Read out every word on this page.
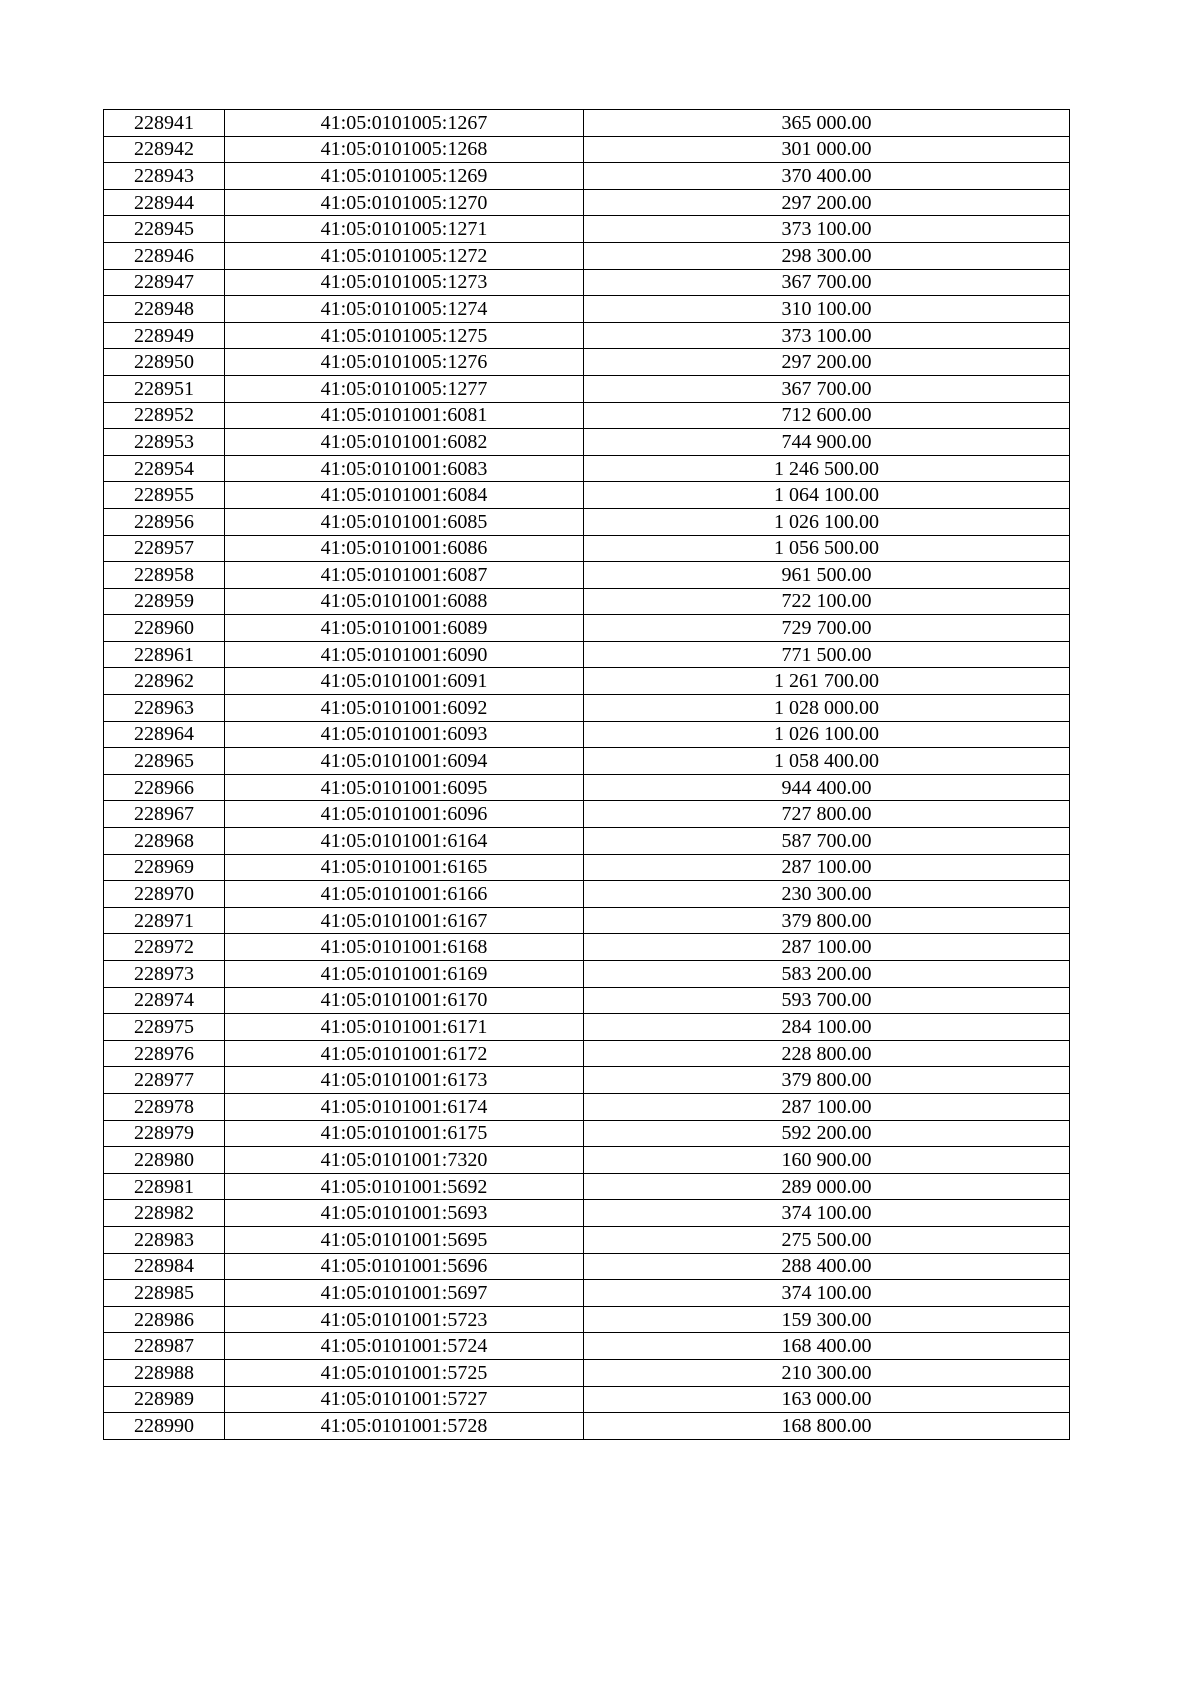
228941	41:05:0101005:1267	365 000.00
228942	41:05:0101005:1268	301 000.00
228943	41:05:0101005:1269	370 400.00
228944	41:05:0101005:1270	297 200.00
228945	41:05:0101005:1271	373 100.00
228946	41:05:0101005:1272	298 300.00
228947	41:05:0101005:1273	367 700.00
228948	41:05:0101005:1274	310 100.00
228949	41:05:0101005:1275	373 100.00
228950	41:05:0101005:1276	297 200.00
228951	41:05:0101005:1277	367 700.00
228952	41:05:0101001:6081	712 600.00
228953	41:05:0101001:6082	744 900.00
228954	41:05:0101001:6083	1 246 500.00
228955	41:05:0101001:6084	1 064 100.00
228956	41:05:0101001:6085	1 026 100.00
228957	41:05:0101001:6086	1 056 500.00
228958	41:05:0101001:6087	961 500.00
228959	41:05:0101001:6088	722 100.00
228960	41:05:0101001:6089	729 700.00
228961	41:05:0101001:6090	771 500.00
228962	41:05:0101001:6091	1 261 700.00
228963	41:05:0101001:6092	1 028 000.00
228964	41:05:0101001:6093	1 026 100.00
228965	41:05:0101001:6094	1 058 400.00
228966	41:05:0101001:6095	944 400.00
228967	41:05:0101001:6096	727 800.00
228968	41:05:0101001:6164	587 700.00
228969	41:05:0101001:6165	287 100.00
228970	41:05:0101001:6166	230 300.00
228971	41:05:0101001:6167	379 800.00
228972	41:05:0101001:6168	287 100.00
228973	41:05:0101001:6169	583 200.00
228974	41:05:0101001:6170	593 700.00
228975	41:05:0101001:6171	284 100.00
228976	41:05:0101001:6172	228 800.00
228977	41:05:0101001:6173	379 800.00
228978	41:05:0101001:6174	287 100.00
228979	41:05:0101001:6175	592 200.00
228980	41:05:0101001:7320	160 900.00
228981	41:05:0101001:5692	289 000.00
228982	41:05:0101001:5693	374 100.00
228983	41:05:0101001:5695	275 500.00
228984	41:05:0101001:5696	288 400.00
228985	41:05:0101001:5697	374 100.00
228986	41:05:0101001:5723	159 300.00
228987	41:05:0101001:5724	168 400.00
228988	41:05:0101001:5725	210 300.00
228989	41:05:0101001:5727	163 000.00
228990	41:05:0101001:5728	168 800.00
